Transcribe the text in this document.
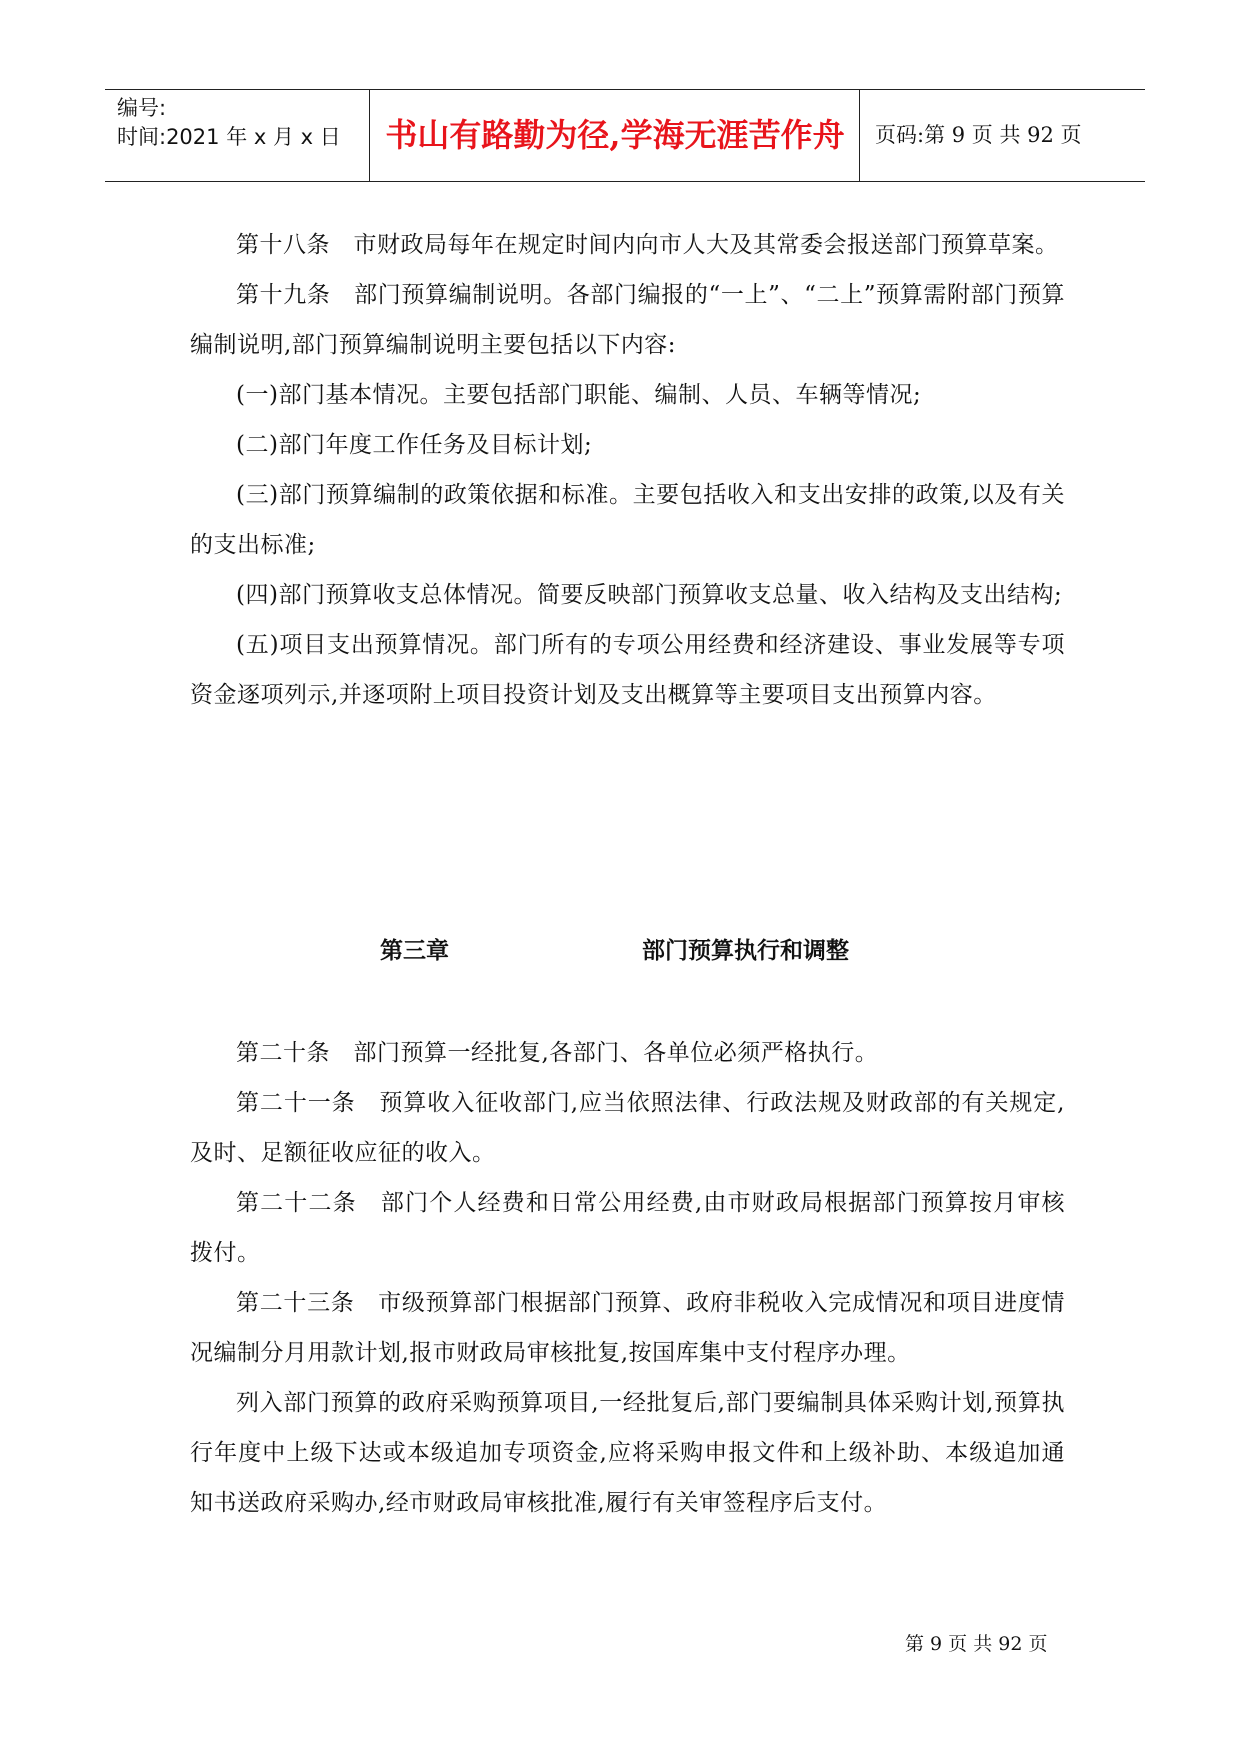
编号:
时间:2021 年 x 月 x 日	书山有路勤为径,学海无涯苦作舟	页码:第 9 页 共 92 页

第十八条　市财政局每年在规定时间内向市人大及其常委会报送部门预算草案。

第十九条　部门预算编制说明。各部门编报的“一上”、“二上”预算需附部门预算编制说明,部门预算编制说明主要包括以下内容:

(一)部门基本情况。主要包括部门职能、编制、人员、车辆等情况;

(二)部门年度工作任务及目标计划;

(三)部门预算编制的政策依据和标准。主要包括收入和支出安排的政策,以及有关的支出标准;

(四)部门预算收支总体情况。简要反映部门预算收支总量、收入结构及支出结构;

(五)项目支出预算情况。部门所有的专项公用经费和经济建设、事业发展等专项资金逐项列示,并逐项附上项目投资计划及支出概算等主要项目支出预算内容。

第三章	部门预算执行和调整

第二十条　部门预算一经批复,各部门、各单位必须严格执行。

第二十一条　预算收入征收部门,应当依照法律、行政法规及财政部的有关规定,及时、足额征收应征的收入。

第二十二条　部门个人经费和日常公用经费,由市财政局根据部门预算按月审核拨付。

第二十三条　市级预算部门根据部门预算、政府非税收入完成情况和项目进度情况编制分月用款计划,报市财政局审核批复,按国库集中支付程序办理。

列入部门预算的政府采购预算项目,一经批复后,部门要编制具体采购计划,预算执行年度中上级下达或本级追加专项资金,应将采购申报文件和上级补助、本级追加通知书送政府采购办,经市财政局审核批准,履行有关审签程序后支付。

第 9 页 共 92 页
